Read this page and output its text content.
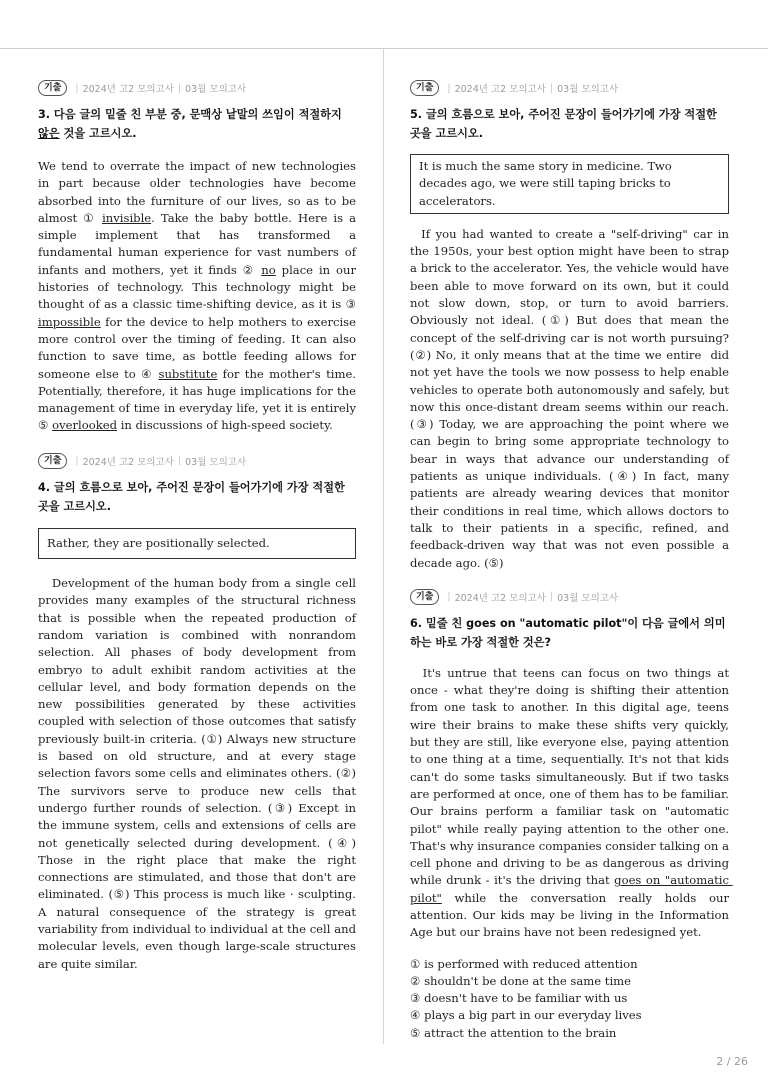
기출	| 2024년 고2 모의고사 | 03월 모의고사

3. 다음 글의 밑줄 친 부분 중, 문맥상 낱말의 쓰임이 적절하지 않은 것을 고르시오.

We tend to overrate the impact of new technologies in part because older technologies have become absorbed into the furniture of our lives, so as to be almost ① invisible. Take the baby bottle. Here is a simple implement that has transformed a fundamental human experience for vast numbers of infants and mothers, yet it finds ② no place in our histories of technology. This technology might be thought of as a classic time-shifting device, as it is ③ impossible for the device to help mothers to exercise more control over the timing of feeding. It can also function to save time, as bottle feeding allows for someone else to ④ substitute for the mother's time. Potentially, therefore, it has huge implications for the management of time in everyday life, yet it is entirely ⑤ overlooked in discussions of high-speed society.

기출	| 2024년 고2 모의고사 | 03월 모의고사

4. 글의 흐름으로 보아, 주어진 문장이 들어가기에 가장 적절한 곳을 고르시오.

Rather, they are positionally selected.

Development of the human body from a single cell provides many examples of the structural richness that is possible when the repeated production of random variation is combined with nonrandom selection. All phases of body development from embryo to adult exhibit random activities at the cellular level, and body formation depends on the new possibilities generated by these activities coupled with selection of those outcomes that satisfy previously built-in criteria. (①) Always new structure is based on old structure, and at every stage selection favors some cells and eliminates others. (②) The survivors serve to produce new cells that undergo further rounds of selection. (③) Except in the immune system, cells and extensions of cells are not genetically selected during development. (④) Those in the right place that make the right connections are stimulated, and those that don't are eliminated. (⑤) This process is much like · sculpting. A natural consequence of the strategy is great variability from individual to individual at the cell and molecular levels, even though large-scale structures are quite similar.

기출	| 2024년 고2 모의고사 | 03월 모의고사

5. 글의 흐름으로 보아, 주어진 문장이 들어가기에 가장 적절한 곳을 고르시오.

It is much the same story in medicine. Two decades ago, we were still taping bricks to accelerators.

If you had wanted to create a "self-driving" car in the 1950s, your best option might have been to strap a brick to the accelerator. Yes, the vehicle would have been able to move forward on its own, but it could not slow down, stop, or turn to avoid barriers. Obviously not ideal. (①) But does that mean the concept of the self-driving car is not worth pursuing? (②) No, it only means that at the time we entire  did not yet have the tools we now possess to help enable vehicles to operate both autonomously and safely, but now this once-distant dream seems within our reach. (③) Today, we are approaching the point where we can begin to bring some appropriate technology to bear in ways that advance our understanding of patients as unique individuals. (④) In fact, many patients are already wearing devices that monitor their conditions in real time, which allows doctors to talk to their patients in a specific, refined, and feedback-driven way that was not even possible a decade ago. (⑤)

기출	| 2024년 고2 모의고사 | 03월 모의고사

6. 밑줄 친 goes on "automatic pilot"이 다음 글에서 의미하는 바로 가장 적절한 것은?

It's untrue that teens can focus on two things at once - what they're doing is shifting their attention from one task to another. In this digital age, teens wire their brains to make these shifts very quickly, but they are still, like everyone else, paying attention to one thing at a time, sequentially. It's not that kids can't do some tasks simultaneously. But if two tasks are performed at once, one of them has to be familiar. Our brains perform a familiar task on "automatic pilot" while really paying attention to the other one. That's why insurance companies consider talking on a cell phone and driving to be as dangerous as driving while drunk - it's the driving that goes on "automatic pilot" while the conversation really holds our attention. Our kids may be living in the Information Age but our brains have not been redesigned yet.

① is performed with reduced attention
② shouldn't be done at the same time
③ doesn't have to be familiar with us
④ plays a big part in our everyday lives
⑤ attract the attention to the brain
2 / 26
